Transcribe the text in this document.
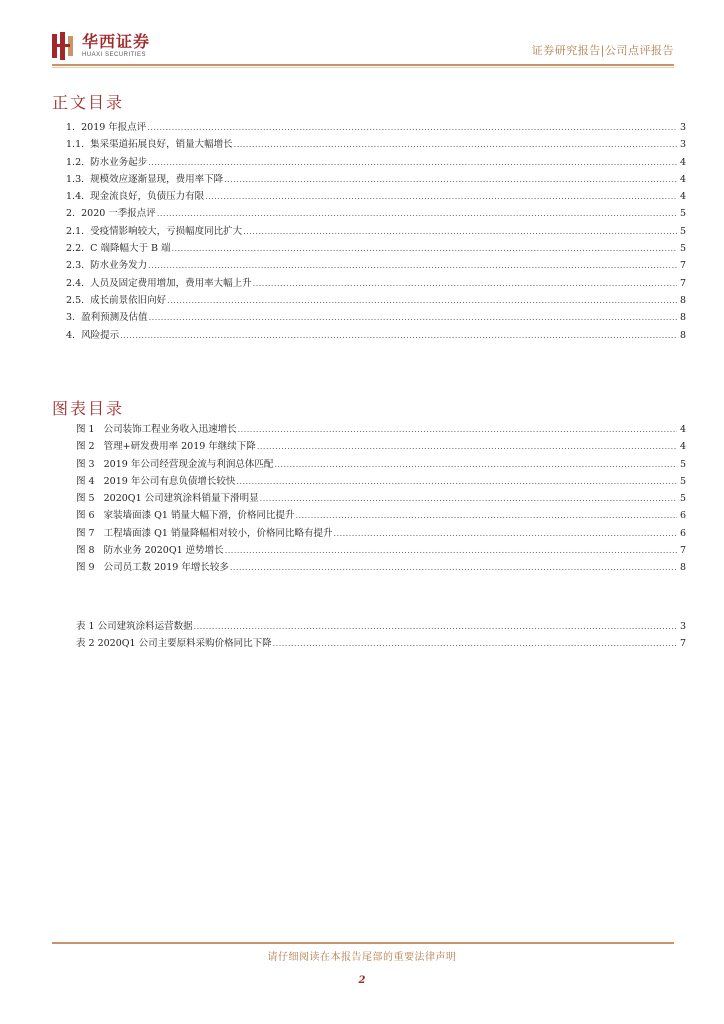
华西证券
HUAXI SECURITIES	证券研究报告|公司点评报告
正文目录
1.  2019 年报点评 .....	3
1.1.  集采渠道拓展良好，销量大幅增长 .....	3
1.2.  防水业务起步 .....	4
1.3.  规模效应逐渐显现，费用率下降 .....	4
1.4.  现金流良好，负债压力有限 .....	4
2.  2020 一季报点评 .....	5
2.1.  受疫情影响较大，亏损幅度同比扩大 .....	5
2.2.  C 端降幅大于 B 端 .....	5
2.3.  防水业务发力 .....	7
2.4.  人员及固定费用增加，费用率大幅上升 .....	7
2.5.  成长前景依旧向好 .....	8
3.  盈利预测及估值 .....	8
4.  风险提示 .....	8
图表目录
图 1   公司装饰工程业务收入迅速增长 .....	4
图 2   管理+研发费用率 2019 年继续下降 .....	4
图 3   2019 年公司经营现金流与利润总体匹配 .....	5
图 4   2019 年公司有息负债增长较快 .....	5
图 5   2020Q1 公司建筑涂料销量下滑明显 .....	5
图 6   家装墙面漆 Q1 销量大幅下滑，价格同比提升 .....	6
图 7   工程墙面漆 Q1 销量降幅相对较小，价格同比略有提升 .....	6
图 8   防水业务 2020Q1 逆势增长 .....	7
图 9   公司员工数 2019 年增长较多 .....	8
表 1 公司建筑涂料运营数据 .....	3
表 2 2020Q1 公司主要原料采购价格同比下降 .....	7
请仔细阅读在本报告尾部的重要法律声明
2
